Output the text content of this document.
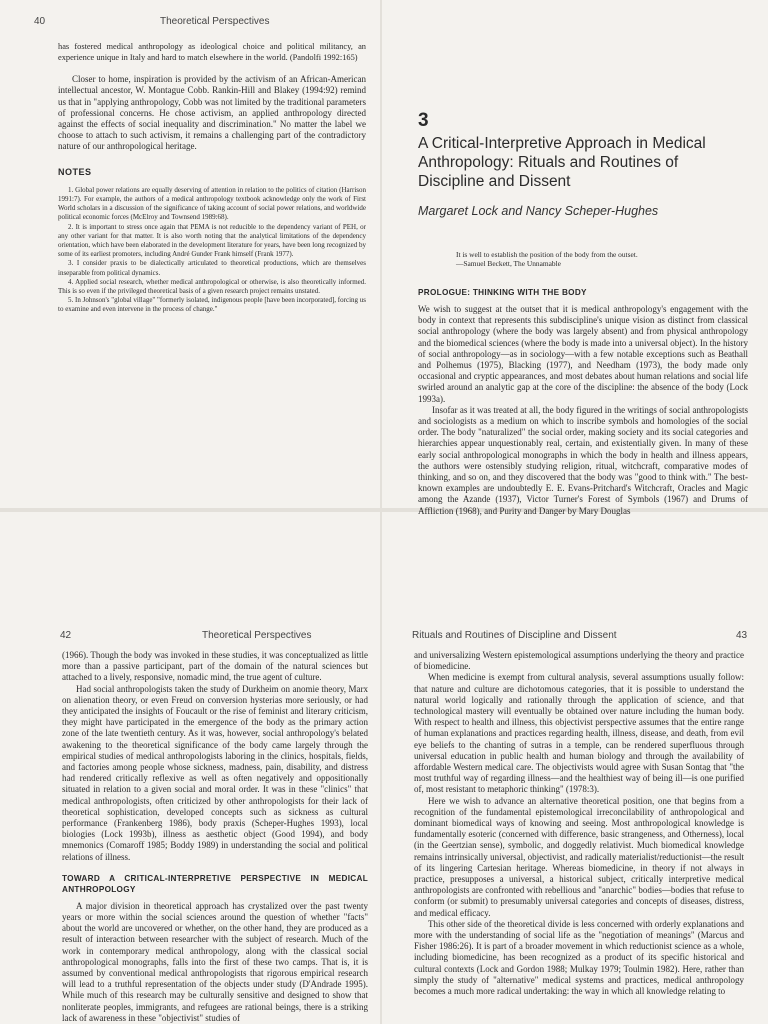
40	Theoretical Perspectives

has fostered medical anthropology as ideological choice and political militancy, an experience unique in Italy and hard to match elsewhere in the world. (Pandolfi 1992:165)

Closer to home, inspiration is provided by the activism of an African-American intellectual ancestor, W. Montague Cobb. Rankin-Hill and Blakey (1994:92) remind us that in "applying anthropology, Cobb was not limited by the traditional parameters of professional concerns. He chose activism, an applied anthropology directed against the effects of social inequality and discrimination." No matter the label we choose to attach to such activism, it remains a challenging part of the contradictory nature of our anthropological heritage.

NOTES

1. Global power relations are equally deserving of attention in relation to the politics of citation (Harrison 1991:7). For example, the authors of a medical anthropology textbook acknowledge only the work of First World scholars in a discussion of the significance of taking account of social power relations, and worldwide political economic forces (McElroy and Townsend 1989:68).

2. It is important to stress once again that PEMA is not reducible to the dependency variant of PEH, or any other variant for that matter. It is also worth noting that the analytical limitations of the dependency orientation, which have been elaborated in the development literature for years, have been long recognized by some of its earliest promoters, including André Gunder Frank himself (Frank 1977).

3. I consider praxis to be dialectically articulated to theoretical productions, which are themselves inseparable from political dynamics.

4. Applied social research, whether medical anthropological or otherwise, is also theoretically informed. This is so even if the privileged theoretical basis of a given research project remains unstated.

5. In Johnson's "global village" "formerly isolated, indigenous people [have been incorporated], forcing us to examine and even intervene in the process of change."

3
A Critical-Interpretive Approach in Medical Anthropology: Rituals and Routines of Discipline and Dissent
Margaret Lock and Nancy Scheper-Hughes
It is well to establish the position of the body from the outset.
—Samuel Beckett, The Unnamable
PROLOGUE: THINKING WITH THE BODY

We wish to suggest at the outset that it is medical anthropology's engagement with the body in context that represents this subdiscipline's unique vision as distinct from classical social anthropology (where the body was largely absent) and from physical anthropology and the biomedical sciences (where the body is made into a universal object). In the history of social anthropology—as in sociology—with a few notable exceptions such as Beathall and Polhemus (1975), Blacking (1977), and Needham (1973), the body made only occasional and cryptic appearances, and most debates about human relations and social life swirled around an analytic gap at the core of the discipline: the absence of the body (Lock 1993a).

Insofar as it was treated at all, the body figured in the writings of social anthropologists and sociologists as a medium on which to inscribe symbols and homologies of the social order. The body "naturalized" the social order, making society and its social categories and hierarchies appear unquestionably real, certain, and existentially given. In many of these early social anthropological monographs in which the body in health and illness appears, the authors were ostensibly studying religion, ritual, witchcraft, comparative modes of thinking, and so on, and they discovered that the body was "good to think with." The best-known examples are undoubtedly E. E. Evans-Pritchard's Witchcraft, Oracles and Magic among the Azande (1937), Victor Turner's Forest of Symbols (1967) and Drums of Affliction (1968), and Purity and Danger by Mary Douglas

42	Theoretical Perspectives

(1966). Though the body was invoked in these studies, it was conceptualized as little more than a passive participant, part of the domain of the natural sciences but attached to a lively, responsive, nomadic mind, the true agent of culture.

Had social anthropologists taken the study of Durkheim on anomie theory, Marx on alienation theory, or even Freud on conversion hysterias more seriously, or had they anticipated the insights of Foucault or the rise of feminist and literary criticism, they might have participated in the emergence of the body as the primary action zone of the late twentieth century. As it was, however, social anthropology's belated awakening to the theoretical significance of the body came largely through the empirical studies of medical anthropologists laboring in the clinics, hospitals, fields, and factories among people whose sickness, madness, pain, disability, and distress had rendered critically reflexive as well as often negatively and oppositionally situated in relation to a given social and moral order. It was in these "clinics" that medical anthropologists, often criticized by other anthropologists for their lack of theoretical sophistication, developed concepts such as sickness as cultural performance (Frankenberg 1986), body praxis (Scheper-Hughes 1993), local biologies (Lock 1993b), illness as aesthetic object (Good 1994), and body mnemonics (Comaroff 1985; Boddy 1989) in understanding the social and political relations of illness.

TOWARD A CRITICAL-INTERPRETIVE PERSPECTIVE IN MEDICAL ANTHROPOLOGY

A major division in theoretical approach has crystalized over the past twenty years or more within the social sciences around the question of whether "facts" about the world are uncovered or whether, on the other hand, they are produced as a result of interaction between researcher with the subject of research. Much of the work in contemporary medical anthropology, along with the classical social anthropological monographs, falls into the first of these two camps. That is, it is assumed by conventional medical anthropologists that rigorous empirical research will lead to a truthful representation of the objects under study (D'Andrade 1995). While much of this research may be culturally sensitive and designed to show that nonliterate peoples, immigrants, and refugees are rational beings, there is a striking lack of awareness in these "objectivist" studies of

Rituals and Routines of Discipline and Dissent	43

and universalizing Western epistemological assumptions underlying the theory and practice of biomedicine.

When medicine is exempt from cultural analysis, several assumptions usually follow: that nature and culture are dichotomous categories, that it is possible to understand the natural world logically and rationally through the application of science, and that technological mastery will eventually be obtained over nature including the human body. With respect to health and illness, this objectivist perspective assumes that the entire range of human explanations and practices regarding health, illness, disease, and death, from evil eye beliefs to the chanting of sutras in a temple, can be rendered superfluous through universal education in public health and human biology and through the availability of affordable Western medical care. The objectivists would agree with Susan Sontag that "the most truthful way of regarding illness—and the healthiest way of being ill—is one purified of, most resistant to metaphoric thinking" (1978:3).

Here we wish to advance an alternative theoretical position, one that begins from a recognition of the fundamental epistemological irreconcilability of anthropological and dominant biomedical ways of knowing and seeing. Most anthropological knowledge is fundamentally esoteric (concerned with difference, basic strangeness, and Otherness), local (in the Geertzian sense), symbolic, and doggedly relativist. Much biomedical knowledge remains intrinsically universal, objectivist, and radically materialist/reductionist—the result of its lingering Cartesian heritage. Whereas biomedicine, in theory if not always in practice, presupposes a universal, a historical subject, critically interpretive medical anthropologists are confronted with rebellious and "anarchic" bodies—bodies that refuse to conform (or submit) to presumably universal categories and concepts of diseases, distress, and medical efficacy.

This other side of the theoretical divide is less concerned with orderly explanations and more with the understanding of social life as the "negotiation of meanings" (Marcus and Fisher 1986:26). It is part of a broader movement in which reductionist science as a whole, including biomedicine, has been recognized as a product of its specific historical and cultural contexts (Lock and Gordon 1988; Mulkay 1979; Toulmin 1982). Here, rather than simply the study of "alternative" medical systems and practices, medical anthropology becomes a much more radical undertaking: the way in which all knowledge relating to
